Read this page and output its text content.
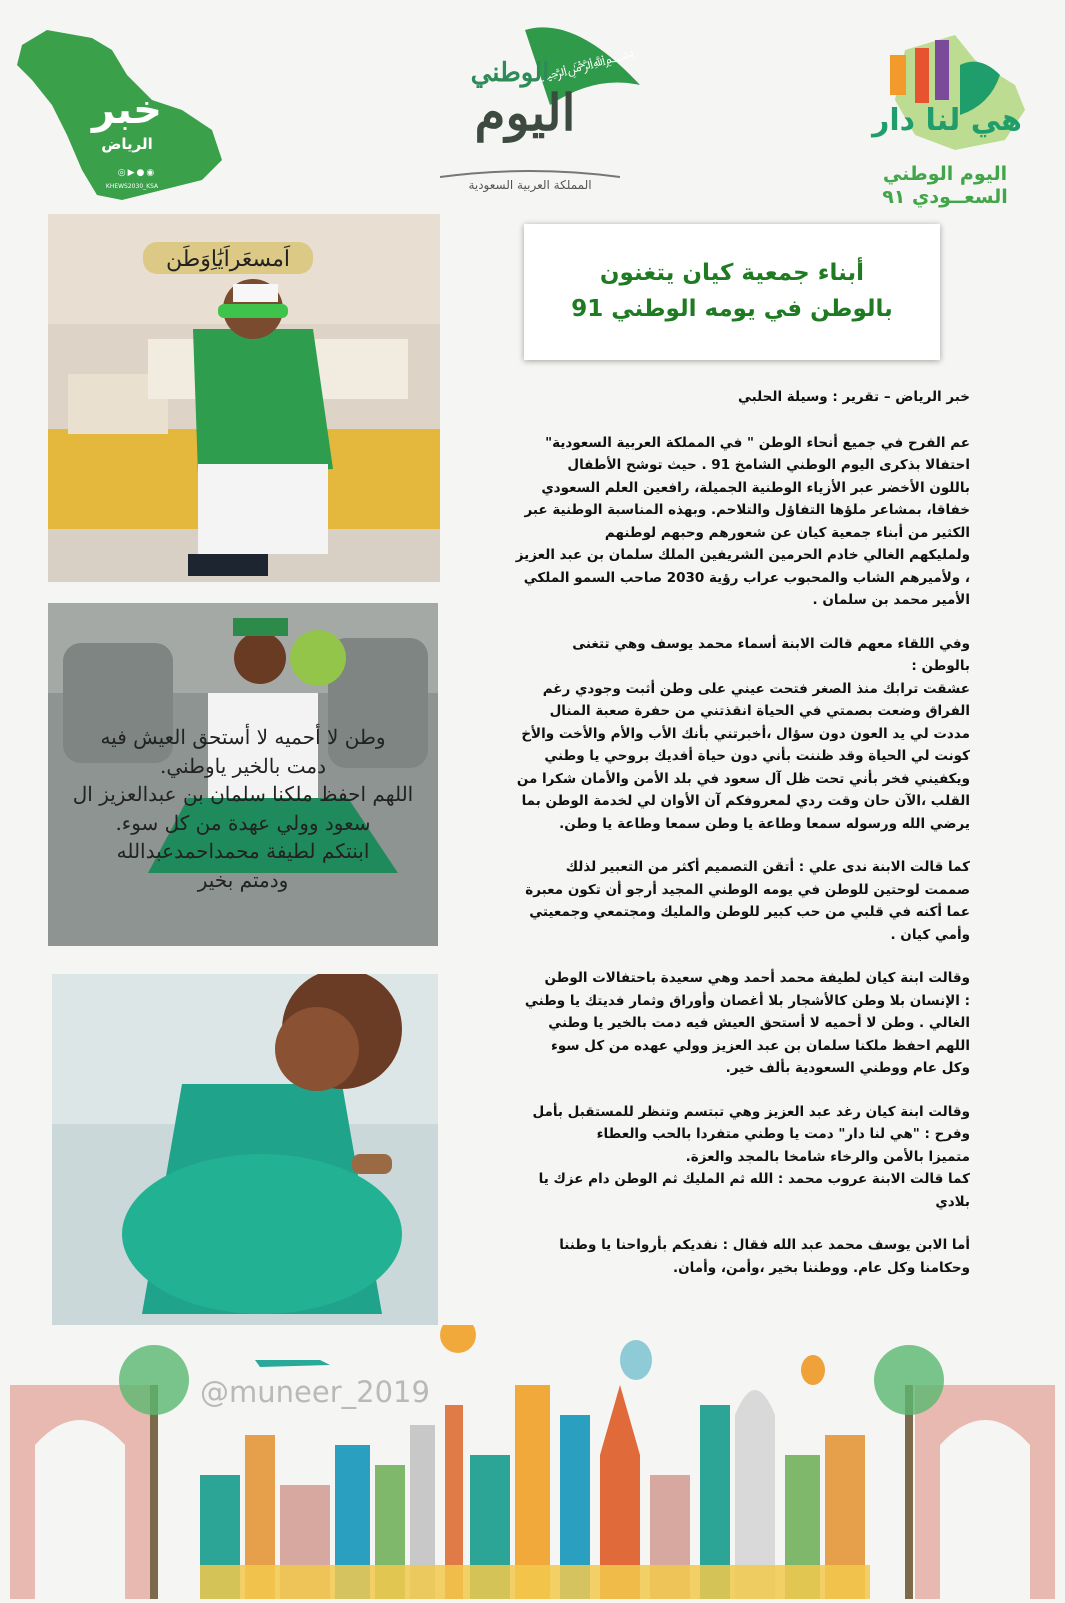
خبر
الرياض
◎▶●◉
KHEWS2030_KSA
﷽
الوطني
اليوم
المملكة العربية السعودية
هي لنا دار
اليوم الوطني
السعــودي ٩١
اَمسعَراَيَٰاِوَطَن
وطن لا أحميه لا أستحق العيش فيه
دمت بالخير ياوطني.
اللهم احفظ ملكنا سلمان بن عبدالعزيز ال
سعود وولي عهدة من كل سوء.
ابنتكم لطيفة محمداحمدعبدالله
ودمتم بخير
أبناء جمعية كيان يتغنون
بالوطن في يومه الوطني 91

خبر الرياض – تقرير : وسيلة الحلبي

عم الفرح في جميع أنحاء الوطن " في المملكة العربية السعودية"
احتفالا بذكرى اليوم الوطني الشامخ 91 . حيث توشح الأطفال
باللون الأخضر عبر الأزياء الوطنية الجميلة، رافعين العلم السعودي
خفاقا، بمشاعر ملؤها التفاؤل والتلاحم. وبهذه المناسبة الوطنية عبر
الكثير من أبناء جمعية كيان عن شعورهم وحبهم لوطنهم
ولمليكهم الغالي خادم الحرمين الشريفين الملك سلمان بن عبد العزيز
، ولأميرهم الشاب والمحبوب عراب رؤية 2030 صاحب السمو الملكي
الأمير محمد بن سلمان .

وفي اللقاء معهم قالت الابنة أسماء محمد يوسف وهي تتغنى
بالوطن :
عشقت ترابك منذ الصغر فتحت عيني على وطن أثبت وجودي رغم
الفراق وضعت بصمتي في الحياة انقذتني من حفرة صعبة المنال
مددت لي يد العون دون سؤال ،أخبرتني بأنك الأب والأم والأخت والأخ
كونت لي الحياة وقد ظننت بأني دون حياة أفديك بروحي يا وطني
ويكفيني فخر بأني تحت ظل آل سعود في بلد الأمن والأمان شكرا من
القلب ،الآن حان وقت ردي لمعروفكم آن الأوان لي لخدمة الوطن بما
يرضي الله ورسوله سمعا وطاعة يا وطن سمعا وطاعة يا وطن.

كما قالت الابنة ندى علي : أتقن التصميم أكثر من التعبير لذلك
صممت لوحتين للوطن في يومه الوطني المجيد أرجو أن تكون معبرة
عما أكنه في قلبي من حب كبير للوطن والمليك ومجتمعي وجمعيتي
وأمي كيان .

وقالت ابنة كيان لطيفة محمد أحمد وهي سعيدة باحتفالات الوطن
: الإنسان بلا وطن كالأشجار بلا أغصان وأوراق وثمار فديتك يا وطني
الغالي . وطن لا أحميه لا أستحق العيش فيه دمت بالخير يا وطني
اللهم احفظ ملكنا سلمان بن عبد العزيز وولي عهده من كل سوء
وكل عام ووطني السعودية بألف خير.

وقالت ابنة كيان رغد عبد العزيز وهي تبتسم وتنظر للمستقبل بأمل
وفرح : "هي لنا دار" دمت يا وطني متفردا بالحب والعطاء
متميزا بالأمن والرخاء شامخا بالمجد والعزة.
كما قالت الابنة عروب محمد : الله ثم المليك ثم الوطن دام عزك يا
بلادي

أما الابن يوسف محمد عبد الله فقال : نفديكم بأرواحنا يا وطننا
وحكامنا وكل عام. ووطننا بخير ،وأمن، وأمان.

@muneer_2019
